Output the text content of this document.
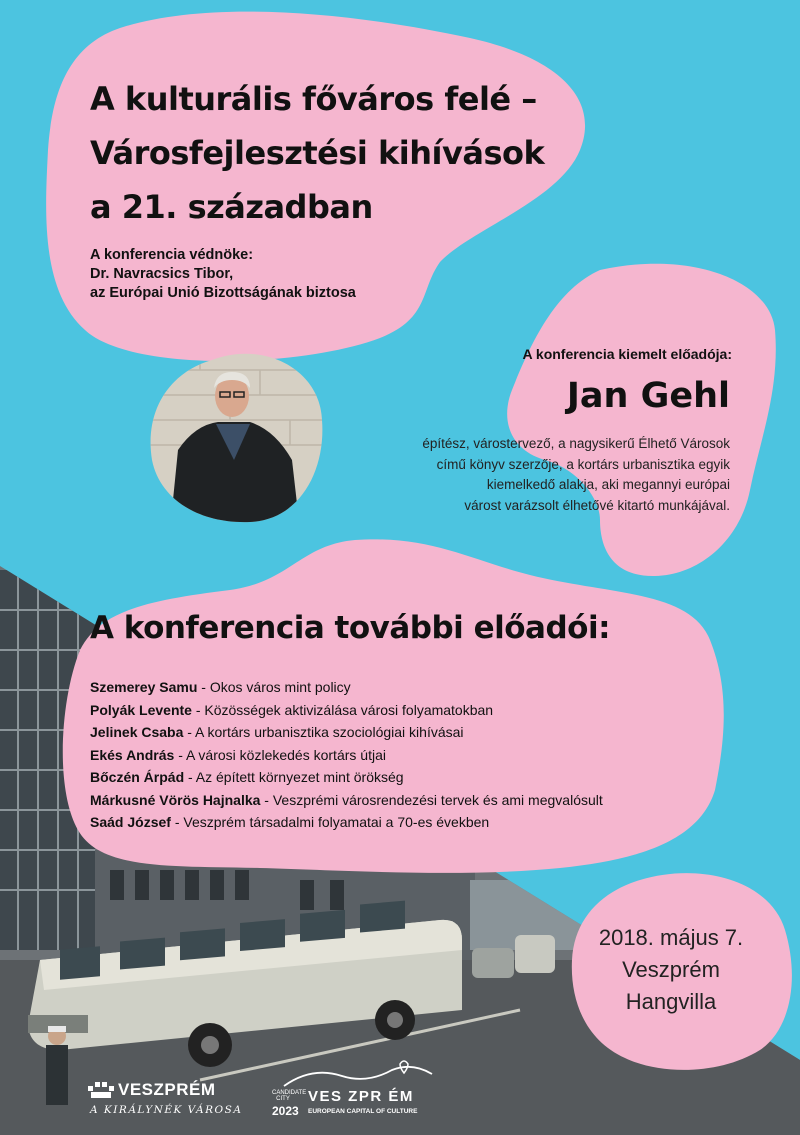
A kulturális főváros felé –
Városfejlesztési kihívások
a 21. században
A konferencia védnöke:
Dr. Navracsics Tibor,
az Európai Unió Bizottságának biztosa
A konferencia kiemelt előadója:
Jan Gehl
építész, várostervező, a nagysikerű Élhető Városok
című könyv szerzője, a kortárs urbanisztika egyik
kiemelkedő alakja, aki megannyi európai
várost varázsolt élhetővé kitartó munkájával.
A konferencia további előadói:
Szemerey Samu - Okos város mint policy
Polyák Levente - Közösségek aktivizálása városi folyamatokban
Jelinek Csaba - A kortárs urbanisztika szociológiai kihívásai
Ekés András - A városi közlekedés kortárs útjai
Bőczén Árpád - Az épített környezet mint örökség
Márkusné Vörös Hajnalka - Veszprémi városrendezési tervek és ami megvalósult
Saád József - Veszprém társadalmi folyamatai a 70-es években
2018. május 7.
Veszprém
Hangvilla
VESZPRÉM
A KIRÁLYNÉK VÁROSA
CANDIDATE CITY
2023
VES ZPR ÉM
EUROPEAN CAPITAL OF CULTURE
